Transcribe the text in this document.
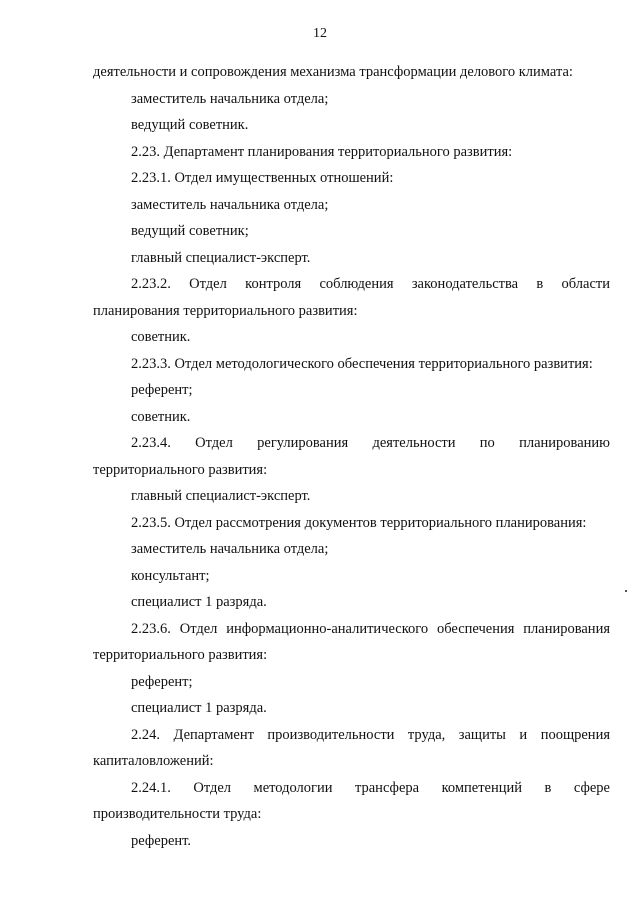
12
деятельности и сопровождения механизма трансформации делового климата:
заместитель начальника отдела;
ведущий советник.
2.23. Департамент планирования территориального развития:
2.23.1. Отдел имущественных отношений:
заместитель начальника отдела;
ведущий советник;
главный специалист-эксперт.
2.23.2. Отдел контроля соблюдения законодательства в области
планирования территориального развития:
советник.
2.23.3. Отдел методологического обеспечения территориального развития:
референт;
советник.
2.23.4. Отдел регулирования деятельности по планированию
территориального развития:
главный специалист-эксперт.
2.23.5. Отдел рассмотрения документов территориального планирования:
заместитель начальника отдела;
консультант;
специалист 1 разряда.
2.23.6. Отдел информационно-аналитического обеспечения планирования
территориального развития:
референт;
специалист 1 разряда.
2.24. Департамент производительности труда, защиты и поощрения
капиталовложений:
2.24.1. Отдел методологии трансфера компетенций в сфере
производительности труда:
референт.
